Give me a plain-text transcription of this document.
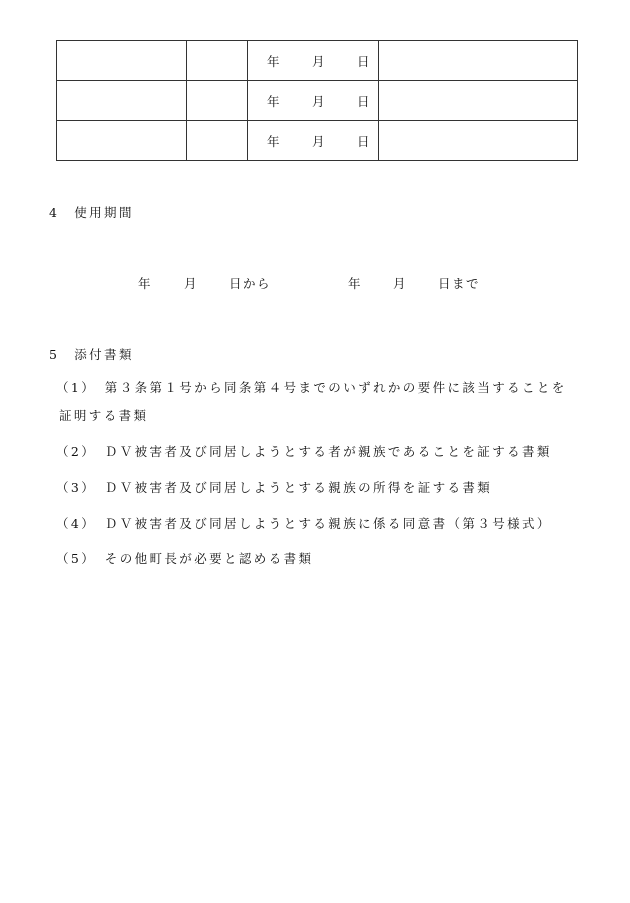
		年 月 日	

		年 月 日	

		年 月 日	

4　使用期間
年	月 日から	年 月 日まで
5　添付書類
（1）　第３条第１号から同条第４号までのいずれかの要件に該当することを
証明する書類
（2）　ＤＶ被害者及び同居しようとする者が親族であることを証する書類
（3）　ＤＶ被害者及び同居しようとする親族の所得を証する書類
（4）　ＤＶ被害者及び同居しようとする親族に係る同意書（第３号様式）
（5）　その他町長が必要と認める書類
